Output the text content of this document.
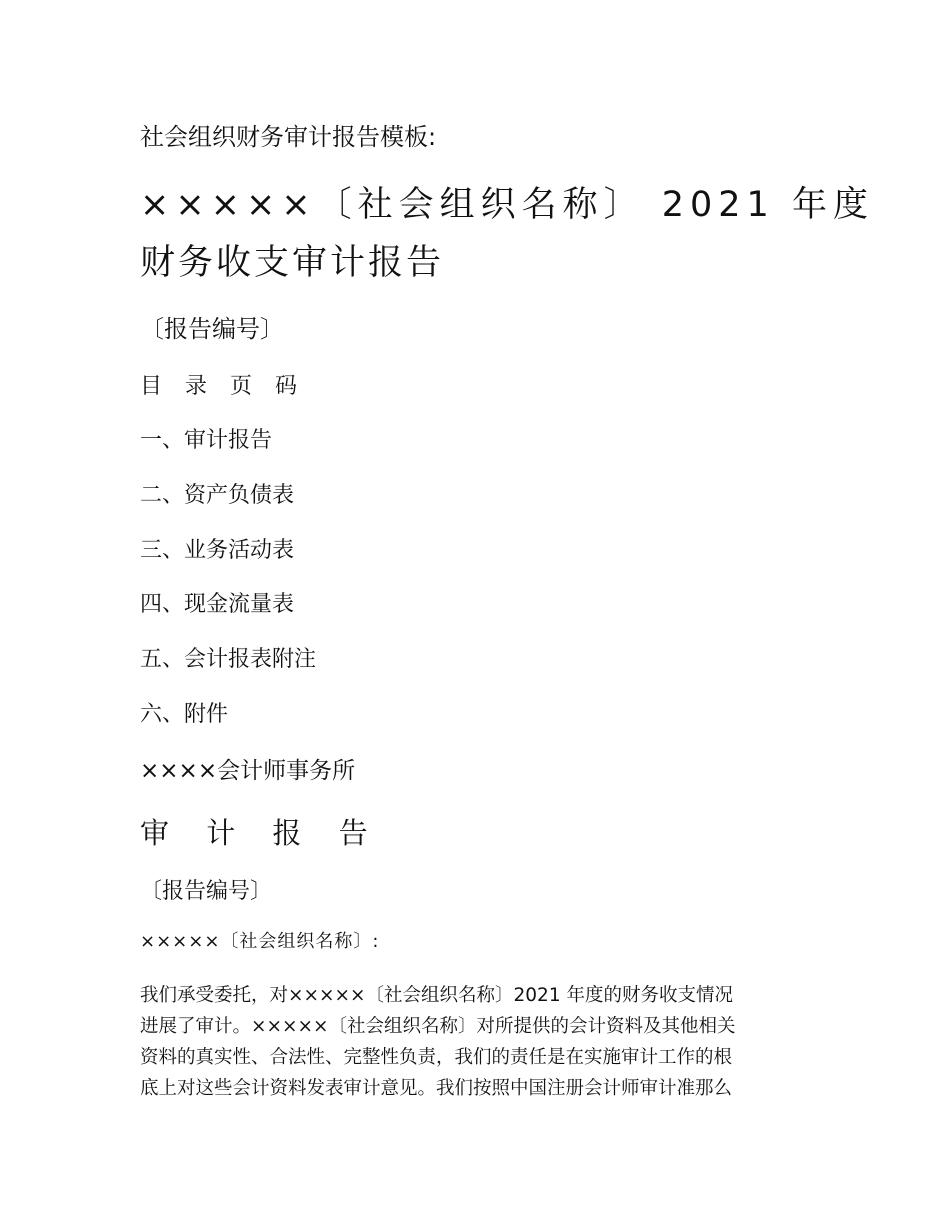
社会组织财务审计报告模板:
×××××〔社会组织名称〕 2021 年度
财务收支审计报告
〔报告编号〕
目 录 页 码
一、审计报告
二、资产负债表
三、业务活动表
四、现金流量表
五、会计报表附注
六、附件
××××会计师事务所
审 计 报 告
〔报告编号〕
×××××〔社会组织名称〕:
我们承受委托，对×××××〔社会组织名称〕2021 年度的财务收支情况
进展了审计。×××××〔社会组织名称〕对所提供的会计资料及其他相关
资料的真实性、合法性、完整性负责，我们的责任是在实施审计工作的根
底上对这些会计资料发表审计意见。我们按照中国注册会计师审计准那么
